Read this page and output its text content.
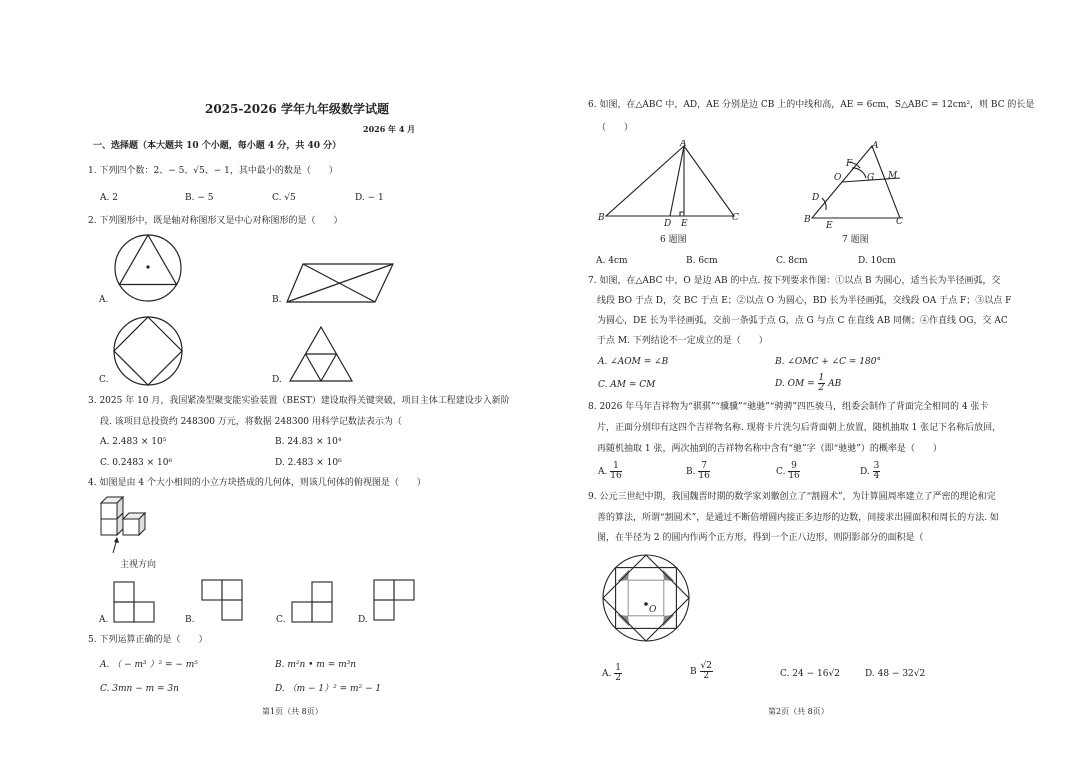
2025-2026 学年九年级数学试题
2026 年 4 月
一、选择题（本大题共 10 个小题，每小题 4 分，共 40 分）
1. 下列四个数：2、− 5、√5、− 1，其中最小的数是（　　）
A. 2	B. − 5	C. √5	D. − 1
2. 下列图形中，既是轴对称图形又是中心对称图形的是（　　）
A.	B.
C.	D.
3. 2025 年 10 月，我国紧凑型聚变能实验装置（BEST）建设取得关键突破，项目主体工程建设步入新阶
段. 该项目总投资约 248300 万元，将数据 248300 用科学记数法表示为（
A. 2.483 × 10⁵	B. 24.83 × 10⁴
C. 0.2483 × 10⁶	D. 2.483 × 10⁶
4. 如图是由 4 个大小相同的小立方块搭成的几何体，则该几何体的俯视图是（　　）
主视方向
A.	B.	C.	D.
5. 下列运算正确的是（　　）
A. （ − m³ ）² = − m⁵	B. m²n • m = m³n
C. 3mn − m = 3n	D. （m − 1）² = m² − 1
第1页（共 8页）
6. 如图，在△ABC 中，AD，AE 分别是边 CB 上的中线和高，AE = 6cm，S△ABC = 12cm²，则 BC 的长是
（　　）
A
B	C
D E
6 题图
A
F
O	G M
D
B	C
E
7 题图
A. 4cm	B. 6cm	C. 8cm	D. 10cm
7. 如图，在△ABC 中，O 是边 AB 的中点. 按下列要求作图：①以点 B 为圆心，适当长为半径画弧，交
线段 BO 于点 D，交 BC 于点 E；②以点 O 为圆心，BD 长为半径画弧，交线段 OA 于点 F；③以点 F
为圆心，DE 长为半径画弧，交前一条弧于点 G，点 G 与点 C 在直线 AB 同侧；④作直线 OG，交 AC
于点 M. 下列结论不一定成立的是（　　）
A. ∠AOM = ∠B	B. ∠OMC + ∠C = 180°
C. AM = CM	D. OM = $\frac{1}{2}$ AB
8. 2026 年马年吉祥物为“骐骐”“骥骥”“驰驰”“骋骋”四匹骏马，组委会制作了背面完全相同的 4 张卡
片，正面分别印有这四个吉祥物名称. 现将卡片洗匀后背面朝上放置，随机抽取 1 张记下名称后放回，
再随机抽取 1 张，两次抽到的吉祥物名称中含有“驰”字（即“驰驰”）的概率是（　　）
A. $\frac{1}{16}$	B. $\frac{7}{16}$	C. $\frac{9}{16}$	D. $\frac{3}{4}$
9. 公元三世纪中期，我国魏晋时期的数学家刘徽创立了“割圆术”，为计算圆周率建立了严密的理论和完
善的算法，所谓“割圆术”，是通过不断倍增圆内接正多边形的边数，间接求出圆面积和周长的方法. 如
图，在半径为 2 的圆内作两个正方形，得到一个正八边形，则阴影部分的面积是（
O
A. $\frac{1}{2}$	B $\frac{√2}{2}$	C. 24 − 16√2	D. 48 − 32√2
第2页（共 8页）
